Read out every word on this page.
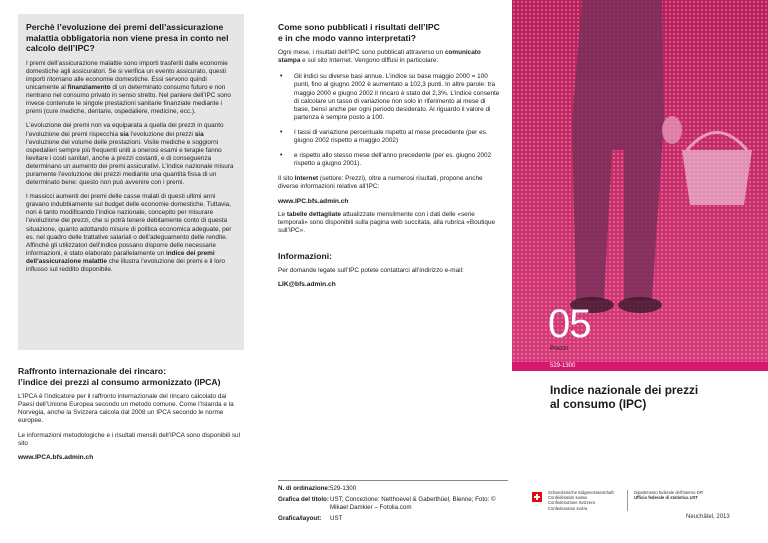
Perchè l’evoluzione dei premi dell’assicurazione malattia obbligatoria non viene presa in conto nel calcolo dell’IPC?

I premi dell’assicurazione malattie sono importi trasferiti dalle economie domestiche agli assicuratori. Se si verifica un evento assicurato, questi importi ritornano alle economie domestiche. Essi servono quindi unicamente al finanziamento di un determinato consumo futuro e non rientrano nel consumo privato in senso stretto. Nel paniere dell’IPC sono invece contenute le singole prestazioni sanitarie finanziate mediante i premi (cure mediche, dentarie, ospedaliere, medicine, ecc.).

L’evoluzione dei premi non va equiparata a quella dei prezzi in quanto l’evoluzione dei premi rispecchia sia l’evoluzione dei prezzi sia l’evoluzione del volume delle prestazioni. Visite mediche e soggiorni ospedalieri sempre più frequenti uniti a onerosi esami e terapie fanno lievitare i costi sanitari, anche a prezzi costanti, e di conseguenza determinano un aumento dei premi assicurativi. L’indice nazionale misura puramente l’evoluzione dei prezzi mediante una quantità fissa di un determinato bene: questo non può avvenire con i premi.

I massicci aumenti dei premi delle casse malati di questi ultimi anni gravano indubbiamente sul budget delle economie domestiche. Tuttavia, non è tanto modificando l’indice nazionale, concepito per misurare l’evoluzione dei prezzi, che si potrà tenere debitamente conto di questa situazione, quanto adottando misure di politica economica adeguate, per es. nel quadro delle trattative salariali o dell’adeguamento delle rendite. Affinché gli utilizzatori dell’indice possano disporre delle necessarie informazioni, è stato elaborato parallelamente un indice dei premi dell’assicurazione malattie che illustra l’evoluzione dei premi e il loro influsso sul reddito disponibile.

Raffronto internazionale dei rincaro:
l’indice dei prezzi al consumo armonizzato (IPCA)

L’IPCA è l’indicatore per il raffronto internazionale del rincaro calcolato dai Paesi dell’Unione Europea secondo un metodo comune. Come l’Islanda e la Norvegia, anche la Svizzera calcola dal 2008 un IPCA secondo le norme europee.

Le informazioni metodologiche e i risultati mensili dell’IPCA sono disponibili sul sito

www.IPCA.bfs.admin.ch
Come sono pubblicati i risultati dell’IPC
e in che modo vanno interpretati?

Ogni mese, i risultati dell’IPC sono pubblicati attraverso un comunicato stampa e sul sito Internet. Vengono diffusi in particolare:

• Gli indici su diverse basi annue. L’indice su base maggio 2000 = 100 punti, fino al giugno 2002 è aumentato a 102,3 punti. In altre parole: tra maggio 2000 e giugno 2002 il rincaro è stato del 2,3%. L’indice consente di calcolare un tasso di variazione non solo in riferimento al mese di base, bensì anche per ogni periodo desiderato. Al riguardo il valore di partenza è sempre posto a 100.
• I tassi di variazione percentuale rispetto al mese precedente (per es. giugno 2002 rispetto a maggio 2002)
• e rispetto allo stesso mese dell’anno precedente (per es. giugno 2002 rispetto a giugno 2001).

Il sito Internet (settore: Prezzi), oltre a numerosi risultati, propone anche diverse informazioni relative all’IPC:

www.IPC.bfs.admin.ch

Le tabelle dettagliate attualizzate mensilmente con i dati delle «serie temporali» sono disponibili sulla pagina web succitata, alla rubrica «Boutique sull’IPC».

Informazioni:

Per domande legate sull’IPC potete contattarci all’indirizzo e-mail:

LIK@bfs.admin.ch
N. di ordinazione: 529-1300
Grafica del titolo: UST; Concezione: Netthoevel & Gaberthüel, Bienne; Foto: © Mikael Damkier – Fotolia.com
Grafica/layout:	UST
05
Prezzi
529-1300
Indice nazionale dei prezzi
al consumo (IPC)
Schweizerische Eidgenossenschaft
Confédération suisse
Confederazione Svizzera
Confederaziun svizra
Dipartimento federale dell’interno DFI
Ufficio federale di statistica UST
Neuchâtel, 2013
